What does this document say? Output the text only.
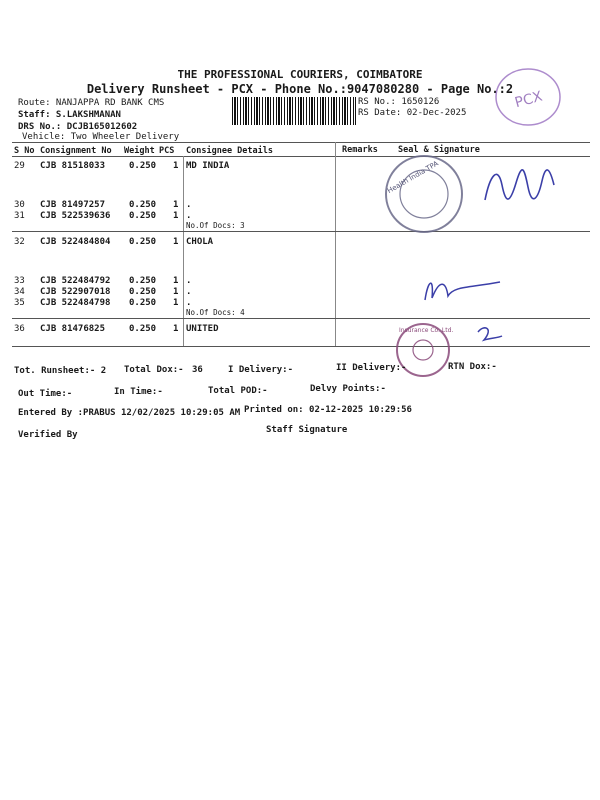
THE PROFESSIONAL COURIERS, COIMBATORE
Delivery Runsheet - PCX - Phone No.:9047080280 - Page No.:2
Route: NANJAPPA RD BANK CMS
Staff: S.LAKSHMANAN
DRS No.: DCJB165012602
Vehicle: Two Wheeler Delivery
RS No.: 1650126
RS Date: 02-Dec-2025
PCX
S No Consignment No Weight PCS Consignee Details	Remarks Seal & Signature
29 CJB 81518033	0.250 1 MD INDIA
30 CJB 81497257	0.250 1 .
31 CJB 522539636 0.250 1 .
No.Of Docs: 3
32 CJB 522484804 0.250 1 CHOLA
33 CJB 522484792 0.250 1 .
34 CJB 522907018 0.250 1 .
35 CJB 522484798 0.250 1 .
No.Of Docs: 4
36 CJB 81476825	0.250 1 UNITED
Health India TPA
Insurance Co. Ltd.
Tot. Runsheet:- 2 Total Dox:- 36	I Delivery:-	II Delivery:-	RTN Dox:-
Out Time:-	In Time:-	Total POD:-	Delvy Points:-
Entered By :PRABUS 12/02/2025 10:29:05 AM Printed on: 02-12-2025 10:29:56
Verified By	Staff Signature
